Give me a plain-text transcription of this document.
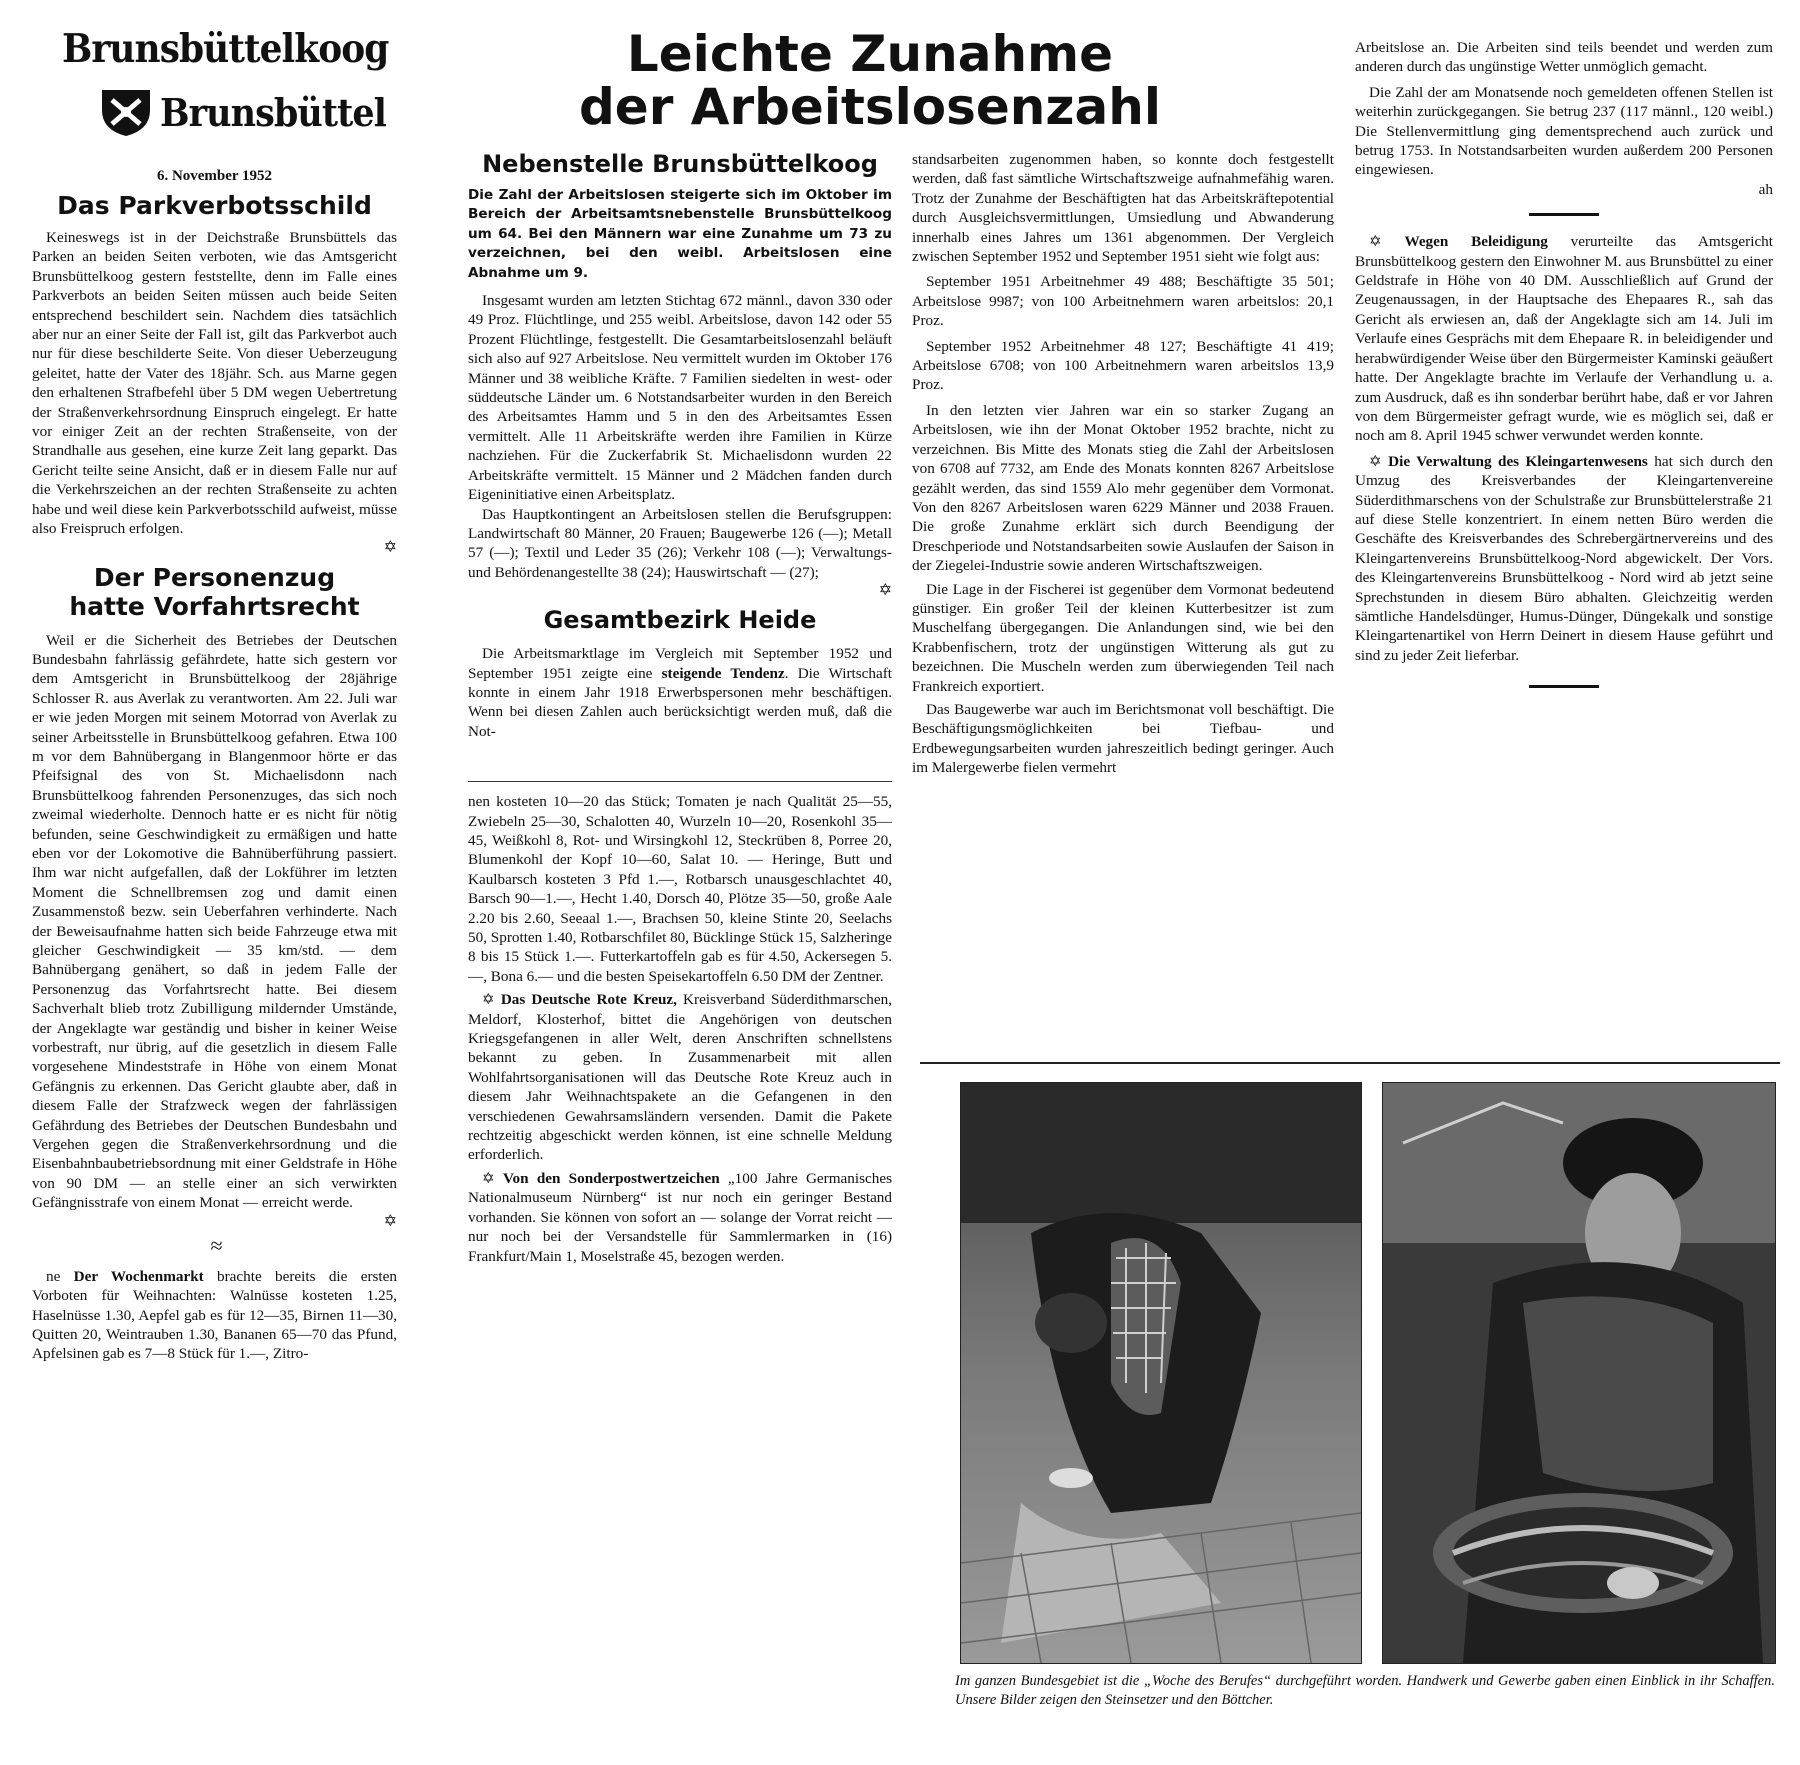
Brunsbüttelkoog
Brunsbüttel
6. November 1952
Das Parkverbotsschild

Keineswegs ist in der Deichstraße Brunsbüttels das Parken an beiden Seiten verboten, wie das Amtsgericht Brunsbüttelkoog gestern feststellte, denn im Falle eines Parkverbots an beiden Seiten müssen auch beide Seiten entsprechend beschildert sein. Nachdem dies tatsächlich aber nur an einer Seite der Fall ist, gilt das Parkverbot auch nur für diese beschilderte Seite. Von dieser Ueberzeugung geleitet, hatte der Vater des 18jähr. Sch. aus Marne gegen den erhaltenen Strafbefehl über 5 DM wegen Uebertretung der Straßenverkehrsordnung Einspruch eingelegt. Er hatte vor einiger Zeit an der rechten Straßenseite, von der Strandhalle aus gesehen, eine kurze Zeit lang geparkt. Das Gericht teilte seine Ansicht, daß er in diesem Falle nur auf die Verkehrszeichen an der rechten Straßenseite zu achten habe und weil diese kein Parkverbotsschild aufweist, müsse also Freispruch erfolgen.

✡

Der Personenzug
hatte Vorfahrtsrecht

Weil er die Sicherheit des Betriebes der Deutschen Bundesbahn fahrlässig gefährdete, hatte sich gestern vor dem Amtsgericht in Brunsbüttelkoog der 28jährige Schlosser R. aus Averlak zu verantworten. Am 22. Juli war er wie jeden Morgen mit seinem Motorrad von Averlak zu seiner Arbeitsstelle in Brunsbüttelkoog gefahren. Etwa 100 m vor dem Bahnübergang in Blangenmoor hörte er das Pfeifsignal des von St. Michaelisdonn nach Brunsbüttelkoog fahrenden Personenzuges, das sich noch zweimal wiederholte. Dennoch hatte er es nicht für nötig befunden, seine Geschwindigkeit zu ermäßigen und hatte eben vor der Lokomotive die Bahnüberführung passiert. Ihm war nicht aufgefallen, daß der Lokführer im letzten Moment die Schnellbremsen zog und damit einen Zusammenstoß bezw. sein Ueberfahren verhinderte. Nach der Beweisaufnahme hatten sich beide Fahrzeuge etwa mit gleicher Geschwindigkeit — 35 km/std. — dem Bahnübergang genähert, so daß in jedem Falle der Personenzug das Vorfahrtsrecht hatte. Bei diesem Sachverhalt blieb trotz Zubilligung mildernder Umstände, der Angeklagte war geständig und bisher in keiner Weise vorbestraft, nur übrig, auf die gesetzlich in diesem Falle vorgesehene Mindeststrafe in Höhe von einem Monat Gefängnis zu erkennen. Das Gericht glaubte aber, daß in diesem Falle der Strafzweck wegen der fahrlässigen Gefährdung des Betriebes der Deutschen Bundesbahn und Vergehen gegen die Straßenverkehrsordnung und die Eisenbahnbaubetriebsordnung mit einer Geldstrafe in Höhe von 90 DM — an stelle einer an sich verwirkten Gefängnisstrafe von einem Monat — erreicht werde.

✡

≈

ne Der Wochenmarkt brachte bereits die ersten Vorboten für Weihnachten: Walnüsse kosteten 1.25, Haselnüsse 1.30, Aepfel gab es für 12—35, Birnen 11—30, Quitten 20, Weintrauben 1.30, Bananen 65—70 das Pfund, Apfelsinen gab es 7—8 Stück für 1.—, Zitro-

Leichte Zunahme
der Arbeitslosenzahl
Nebenstelle Brunsbüttelkoog

Die Zahl der Arbeitslosen steigerte sich im Oktober im Bereich der Arbeitsamtsnebenstelle Brunsbüttelkoog um 64. Bei den Männern war eine Zunahme um 73 zu verzeichnen, bei den weibl. Arbeitslosen eine Abnahme um 9.

Insgesamt wurden am letzten Stichtag 672 männl., davon 330 oder 49 Proz. Flüchtlinge, und 255 weibl. Arbeitslose, davon 142 oder 55 Prozent Flüchtlinge, festgestellt. Die Gesamtarbeitslosenzahl beläuft sich also auf 927 Arbeitslose. Neu vermittelt wurden im Oktober 176 Männer und 38 weibliche Kräfte. 7 Familien siedelten in west- oder süddeutsche Länder um. 6 Notstandsarbeiter wurden in den Bereich des Arbeitsamtes Hamm und 5 in den des Arbeitsamtes Essen vermittelt. Alle 11 Arbeitskräfte werden ihre Familien in Kürze nachziehen. Für die Zuckerfabrik St. Michaelisdonn wurden 22 Arbeitskräfte vermittelt. 15 Männer und 2 Mädchen fanden durch Eigeninitiative einen Arbeitsplatz.

Das Hauptkontingent an Arbeitslosen stellen die Berufsgruppen: Landwirtschaft 80 Männer, 20 Frauen; Baugewerbe 126 (—); Metall 57 (—); Textil und Leder 35 (26); Verkehr 108 (—); Verwaltungs- und Behördenangestellte 38 (24); Hauswirtschaft — (27);

✡

Gesamtbezirk Heide

Die Arbeitsmarktlage im Vergleich mit September 1952 und September 1951 zeigte eine steigende Tendenz. Die Wirtschaft konnte in einem Jahr 1918 Erwerbspersonen mehr beschäftigen. Wenn bei diesen Zahlen auch berücksichtigt werden muß, daß die Not-

nen kosteten 10—20 das Stück; Tomaten je nach Qualität 25—55, Zwiebeln 25—30, Schalotten 40, Wurzeln 10—20, Rosenkohl 35—45, Weißkohl 8, Rot- und Wirsingkohl 12, Steckrüben 8, Porree 20, Blumenkohl der Kopf 10—60, Salat 10. — Heringe, Butt und Kaulbarsch kosteten 3 Pfd 1.—, Rotbarsch unausgeschlachtet 40, Barsch 90—1.—, Hecht 1.40, Dorsch 40, Plötze 35—50, große Aale 2.20 bis 2.60, Seeaal 1.—, Brachsen 50, kleine Stinte 20, Seelachs 50, Sprotten 1.40, Rotbarschfilet 80, Bücklinge Stück 15, Salzheringe 8 bis 15 Stück 1.—. Futterkartoffeln gab es für 4.50, Ackersegen 5.—, Bona 6.— und die besten Speisekartoffeln 6.50 DM der Zentner.

✡ Das Deutsche Rote Kreuz, Kreisverband Süderdithmarschen, Meldorf, Klosterhof, bittet die Angehörigen von deutschen Kriegsgefangenen in aller Welt, deren Anschriften schnellstens bekannt zu geben. In Zusammenarbeit mit allen Wohlfahrtsorganisationen will das Deutsche Rote Kreuz auch in diesem Jahr Weihnachtspakete an die Gefangenen in den verschiedenen Gewahrsamsländern versenden. Damit die Pakete rechtzeitig abgeschickt werden können, ist eine schnelle Meldung erforderlich.

✡ Von den Sonderpostwertzeichen „100 Jahre Germanisches Nationalmuseum Nürnberg“ ist nur noch ein geringer Bestand vorhanden. Sie können von sofort an — solange der Vorrat reicht — nur noch bei der Versandstelle für Sammlermarken in (16) Frankfurt/Main 1, Moselstraße 45, bezogen werden.

standsarbeiten zugenommen haben, so konnte doch festgestellt werden, daß fast sämtliche Wirtschaftszweige aufnahmefähig waren. Trotz der Zunahme der Beschäftigten hat das Arbeitskräftepotential durch Ausgleichsvermittlungen, Umsiedlung und Abwanderung innerhalb eines Jahres um 1361 abgenommen. Der Vergleich zwischen September 1952 und September 1951 sieht wie folgt aus:

September 1951 Arbeitnehmer 49 488; Beschäftigte 35 501; Arbeitslose 9987; von 100 Arbeitnehmern waren arbeitslos: 20,1 Proz.

September 1952 Arbeitnehmer 48 127; Beschäftigte 41 419; Arbeitslose 6708; von 100 Arbeitnehmern waren arbeitslos 13,9 Proz.

In den letzten vier Jahren war ein so starker Zugang an Arbeitslosen, wie ihn der Monat Oktober 1952 brachte, nicht zu verzeichnen. Bis Mitte des Monats stieg die Zahl der Arbeitslosen von 6708 auf 7732, am Ende des Monats konnten 8267 Arbeitslose gezählt werden, das sind 1559 Alo mehr gegenüber dem Vormonat. Von den 8267 Arbeitslosen waren 6229 Männer und 2038 Frauen. Die große Zunahme erklärt sich durch Beendigung der Dreschperiode und Notstandsarbeiten sowie Auslaufen der Saison in der Ziegelei-Industrie sowie anderen Wirtschaftszweigen.

Die Lage in der Fischerei ist gegenüber dem Vormonat bedeutend günstiger. Ein großer Teil der kleinen Kutterbesitzer ist zum Muschelfang übergegangen. Die Anlandungen sind, wie bei den Krabbenfischern, trotz der ungünstigen Witterung als gut zu bezeichnen. Die Muscheln werden zum überwiegenden Teil nach Frankreich exportiert.

Das Baugewerbe war auch im Berichtsmonat voll beschäftigt. Die Beschäftigungsmöglichkeiten bei Tiefbau- und Erdbewegungsarbeiten wurden jahreszeitlich bedingt geringer. Auch im Malergewerbe fielen vermehrt

Arbeitslose an. Die Arbeiten sind teils beendet und werden zum anderen durch das ungünstige Wetter unmöglich gemacht.

Die Zahl der am Monatsende noch gemeldeten offenen Stellen ist weiterhin zurückgegangen. Sie betrug 237 (117 männl., 120 weibl.) Die Stellenvermittlung ging dementsprechend auch zurück und betrug 1753. In Notstandsarbeiten wurden außerdem 200 Personen eingewiesen.

ah

✡ Wegen Beleidigung verurteilte das Amtsgericht Brunsbüttelkoog gestern den Einwohner M. aus Brunsbüttel zu einer Geldstrafe in Höhe von 40 DM. Ausschließlich auf Grund der Zeugenaussagen, in der Hauptsache des Ehepaares R., sah das Gericht als erwiesen an, daß der Angeklagte sich am 14. Juli im Verlaufe eines Gesprächs mit dem Ehepaare R. in beleidigender und herabwürdigender Weise über den Bürgermeister Kaminski geäußert hatte. Der Angeklagte brachte im Verlaufe der Verhandlung u. a. zum Ausdruck, daß es ihn sonderbar berührt habe, daß er vor Jahren von dem Bürgermeister gefragt wurde, wie es möglich sei, daß er noch am 8. April 1945 schwer verwundet werden konnte.

✡ Die Verwaltung des Kleingartenwesens hat sich durch den Umzug des Kreisverbandes der Kleingartenvereine Süderdithmarschens von der Schulstraße zur Brunsbüttelerstraße 21 auf diese Stelle konzentriert. In einem netten Büro werden die Geschäfte des Kreisverbandes des Schrebergärtnervereins und des Kleingartenvereins Brunsbüttelkoog-Nord abgewickelt. Der Vors. des Kleingartenvereins Brunsbüttelkoog - Nord wird ab jetzt seine Sprechstunden in diesem Büro abhalten. Gleichzeitig werden sämtliche Handelsdünger, Humus-Dünger, Düngekalk und sonstige Kleingartenartikel von Herrn Deinert in diesem Hause geführt und sind zu jeder Zeit lieferbar.

Im ganzen Bundesgebiet ist die „Woche des Berufes“ durchgeführt worden. Handwerk und Gewerbe gaben einen Einblick in ihr Schaffen. Unsere Bilder zeigen den Steinsetzer und den Böttcher.
